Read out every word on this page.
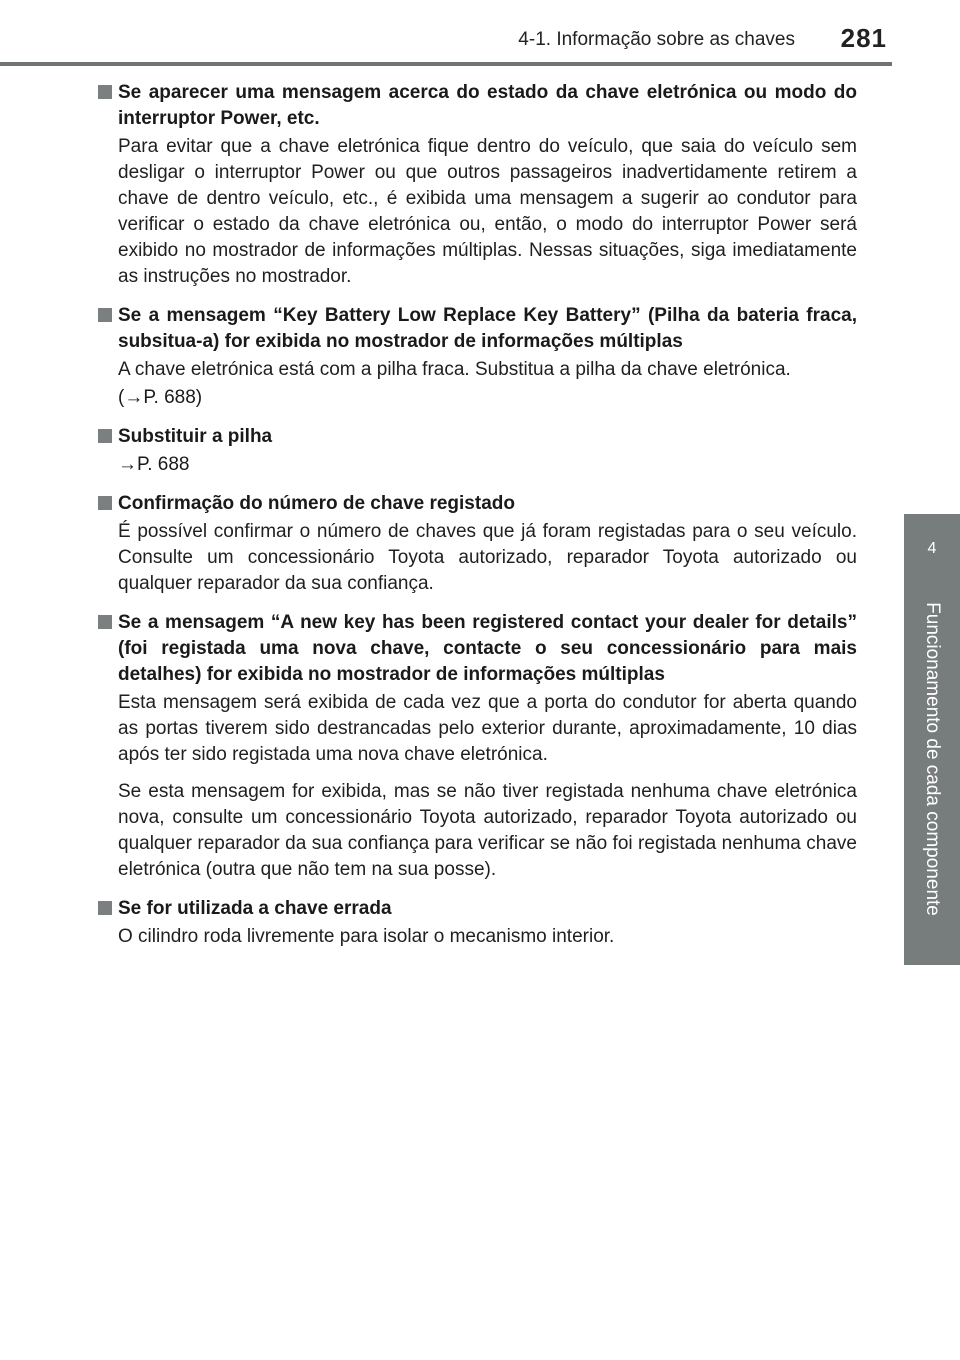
4-1. Informação sobre as chaves 281
4
Funcionamento de cada componente
Se aparecer uma mensagem acerca do estado da chave eletrónica ou modo do interruptor Power, etc.
Para evitar que a chave eletrónica fique dentro do veículo, que saia do veículo sem desligar o interruptor Power ou que outros passageiros inadvertidamente retirem a chave de dentro veículo, etc., é exibida uma mensagem a sugerir ao condutor para verificar o estado da chave eletrónica ou, então, o modo do interruptor Power será exibido no mostrador de informações múltiplas. Nessas situações, siga imediatamente as instruções no mostrador.
Se a mensagem “Key Battery Low Replace Key Battery” (Pilha da bateria fraca, subsitua-a) for exibida no mostrador de informações múltiplas
A chave eletrónica está com a pilha fraca. Substitua a pilha da chave eletrónica.
(→P. 688)
Substituir a pilha
→P. 688
Confirmação do número de chave registado
É possível confirmar o número de chaves que já foram registadas para o seu veículo. Consulte um concessionário Toyota autorizado, reparador Toyota autorizado ou qualquer reparador da sua confiança.
Se a mensagem “A new key has been registered contact your dealer for details” (foi registada uma nova chave, contacte o seu concessionário para mais detalhes) for exibida no mostrador de informações múltiplas
Esta mensagem será exibida de cada vez que a porta do condutor for aberta quando as portas tiverem sido destrancadas pelo exterior durante, aproximadamente, 10 dias após ter sido registada uma nova chave eletrónica.
Se esta mensagem for exibida, mas se não tiver registada nenhuma chave eletrónica nova, consulte um concessionário Toyota autorizado, reparador Toyota autorizado ou qualquer reparador da sua confiança para verificar se não foi registada nenhuma chave eletrónica (outra que não tem na sua posse).
Se for utilizada a chave errada
O cilindro roda livremente para isolar o mecanismo interior.
